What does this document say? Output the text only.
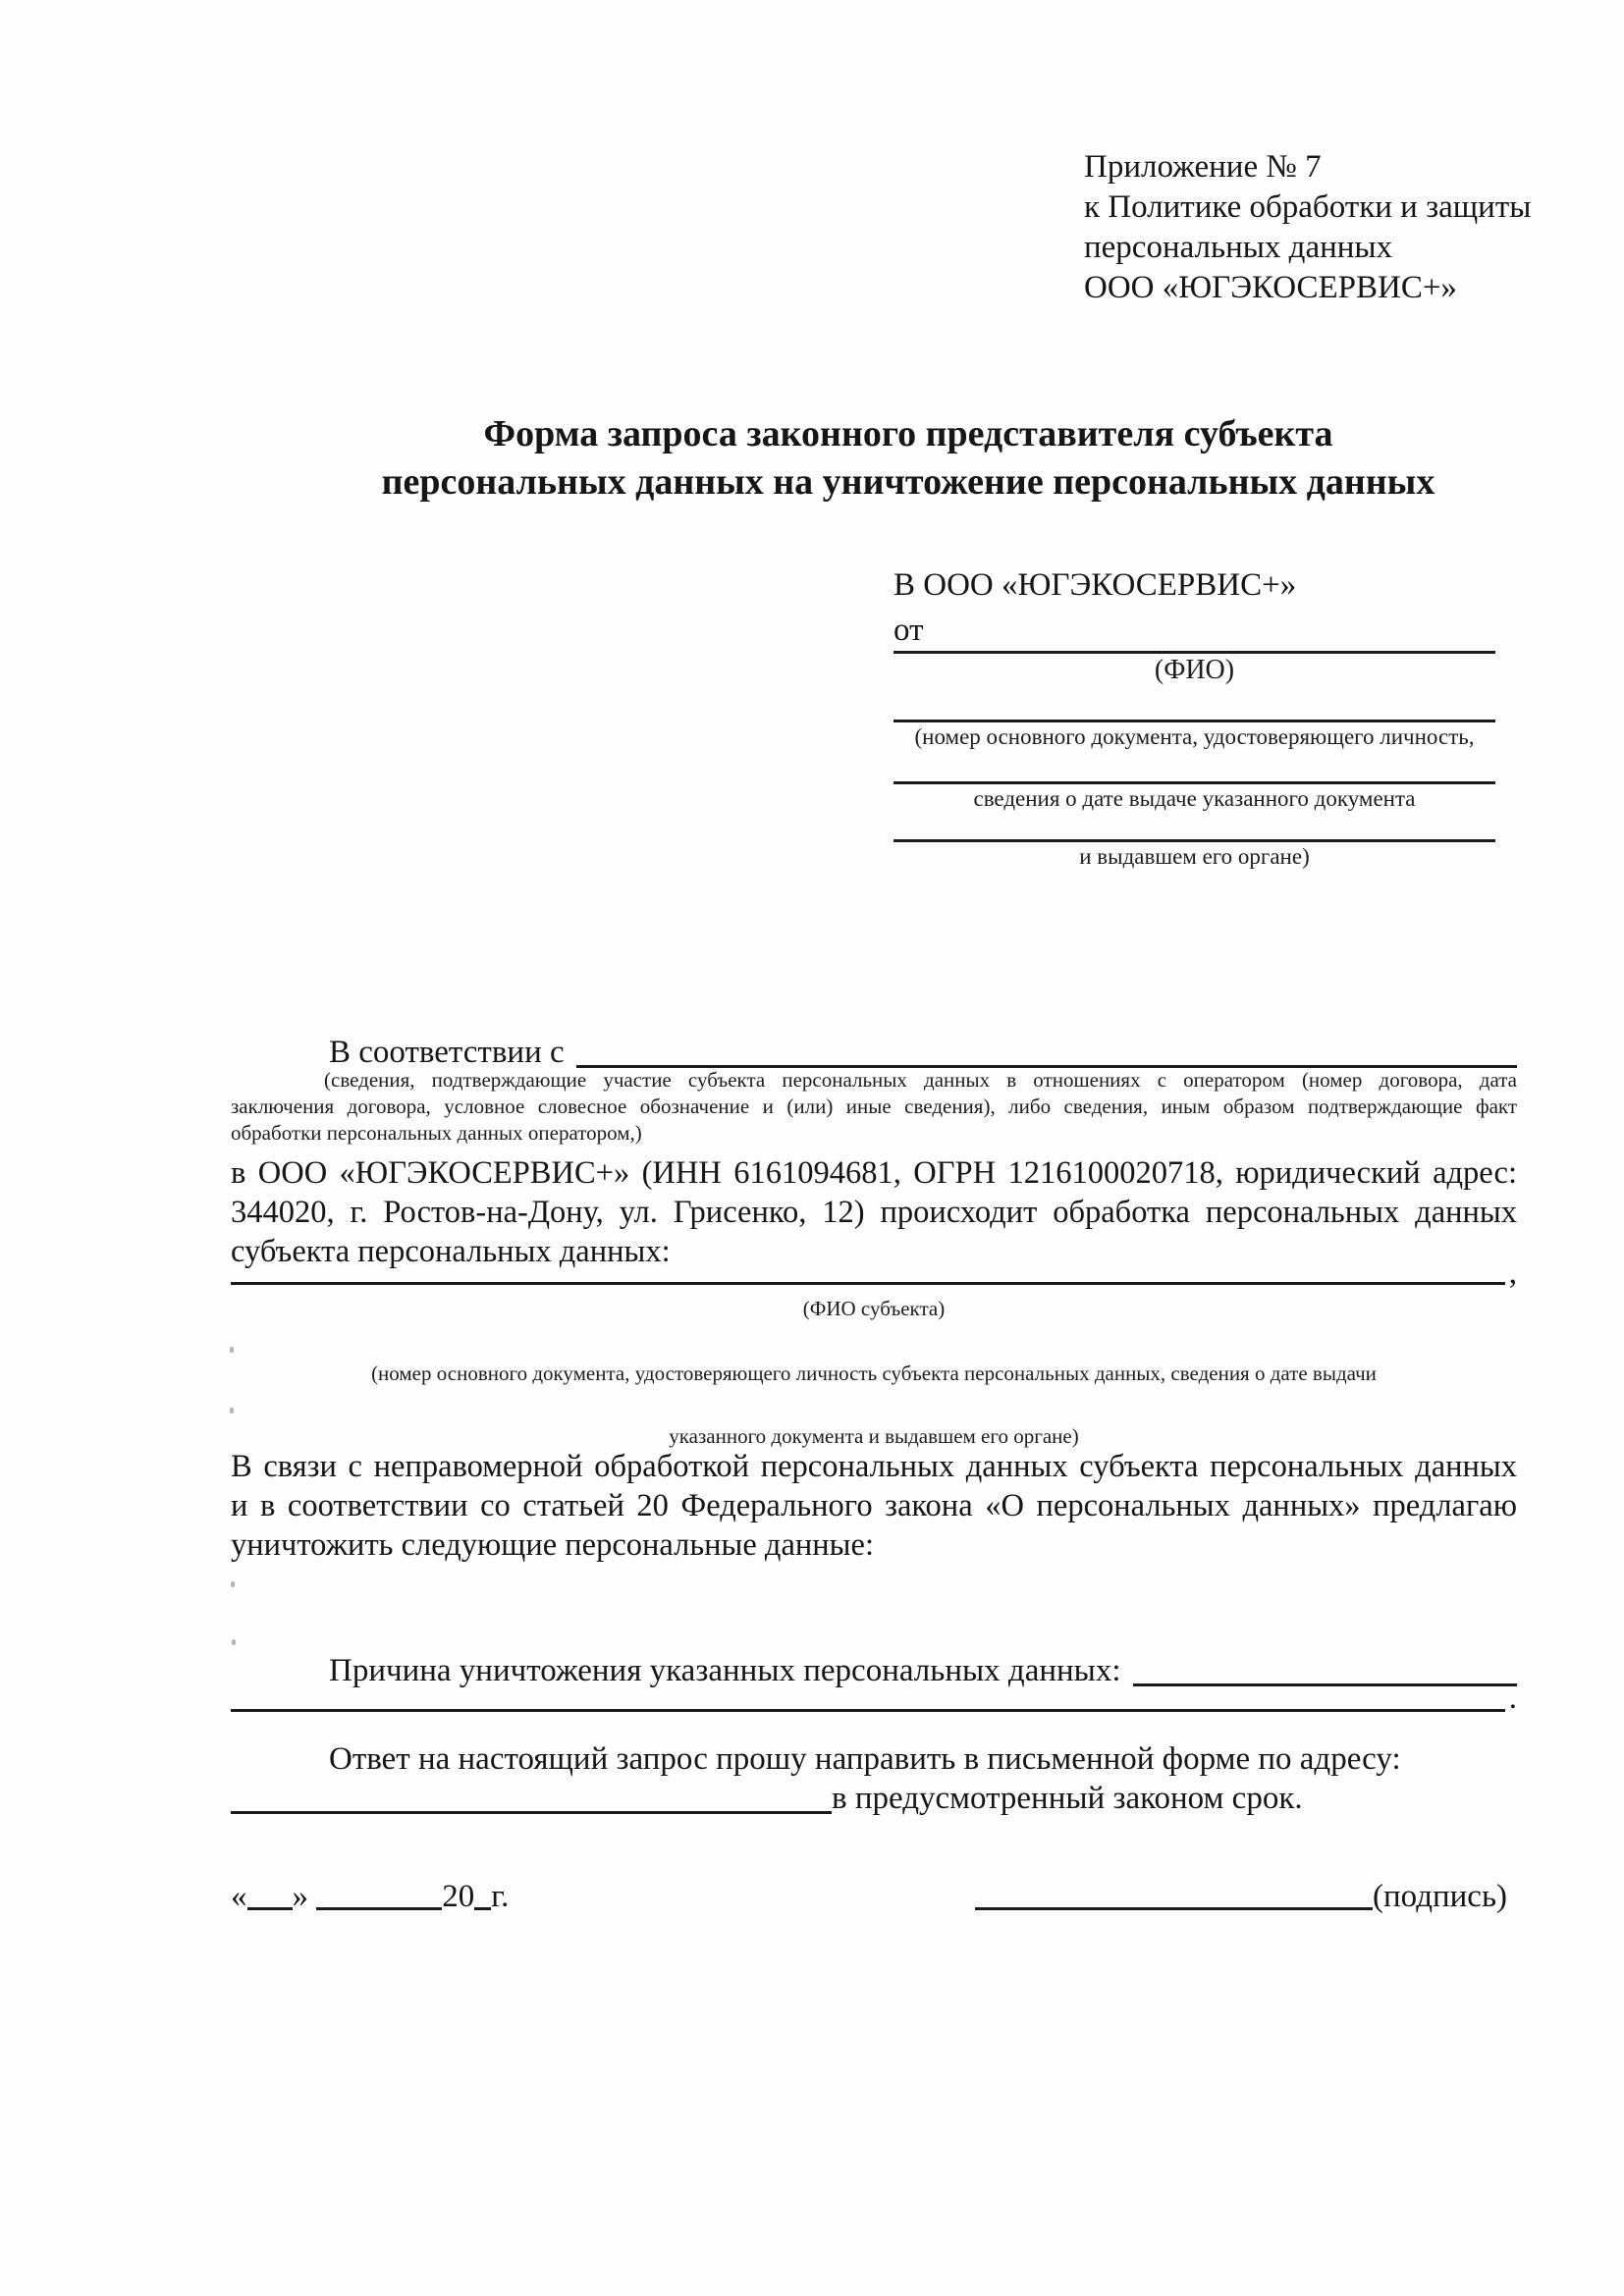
Приложение № 7
к Политике обработки и защиты
персональных данных
ООО «ЮГЭКОСЕРВИС+»
Форма запроса законного представителя субъекта
персональных данных на уничтожение персональных данных
В ООО «ЮГЭКОСЕРВИС+»
от
(ФИО)
(номер основного документа, удостоверяющего личность,
сведения о дате выдаче указанного документа
и выдавшем его органе)
В соответствии с
(сведения, подтверждающие участие субъекта персональных данных в отношениях с оператором (номер договора, дата
заключения договора, условное словесное обозначение и (или) иные сведения), либо сведения, иным образом подтверждающие факт
обработки персональных данных оператором,)
в ООО «ЮГЭКОСЕРВИС+» (ИНН 6161094681, ОГРН 1216100020718, юридический адрес:
344020, г. Ростов-на-Дону, ул. Грисенко, 12) происходит обработка персональных данных
субъекта персональных данных:
,
(ФИО субъекта)
(номер основного документа, удостоверяющего личность субъекта персональных данных, сведения о дате выдачи
указанного документа и выдавшем его органе)
В связи с неправомерной обработкой персональных данных субъекта персональных данных
и в соответствии со статьей 20 Федерального закона «О персональных данных» предлагаю
уничтожить следующие персональные данные:
Причина уничтожения указанных персональных данных:
.
Ответ на настоящий запрос прошу направить в письменной форме по адресу:
в предусмотренный законом срок.
« »	20 г.	(подпись)
